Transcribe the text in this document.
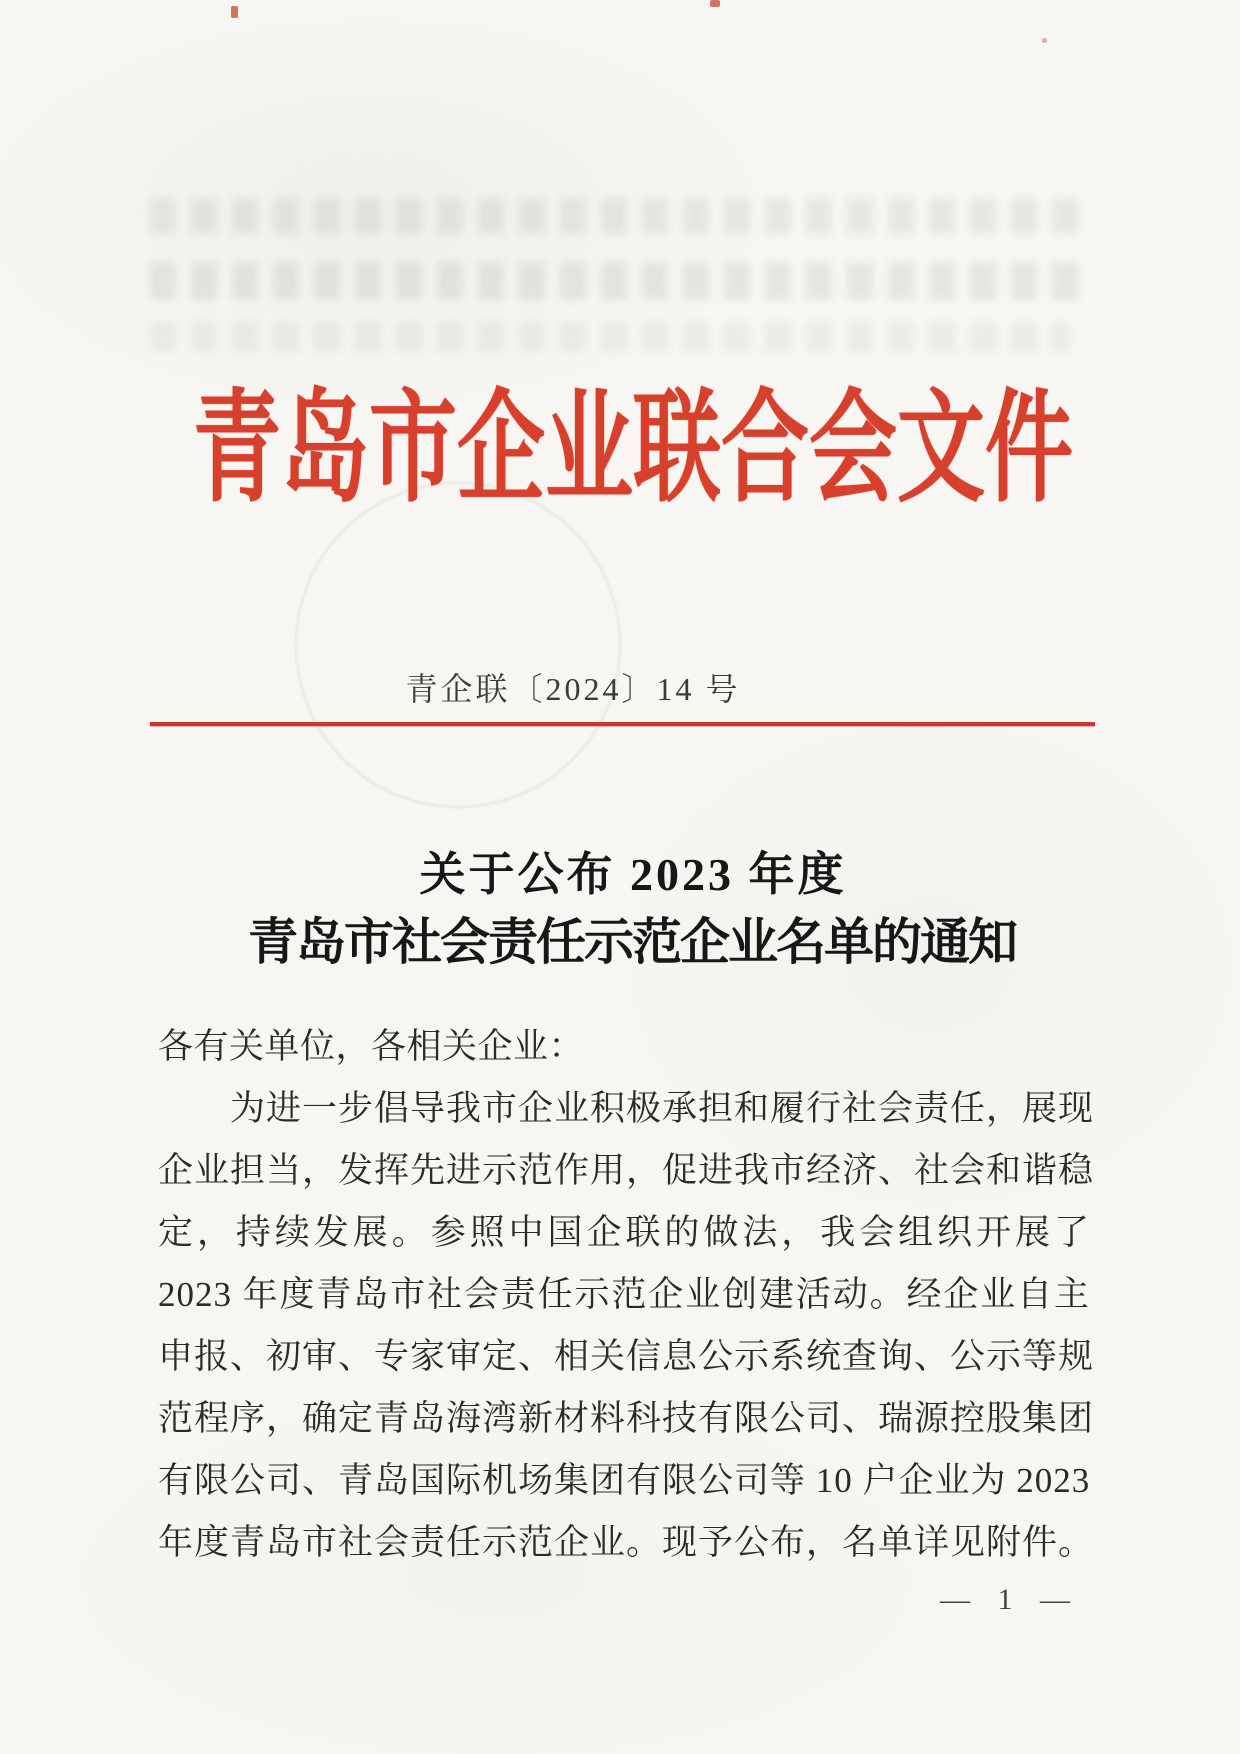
青岛市企业联合会文件
青企联〔2024〕14 号
关于公布 2023 年度
青岛市社会责任示范企业名单的通知
各有关单位，各相关企业：
为进一步倡导我市企业积极承担和履行社会责任，展现
企业担当，发挥先进示范作用，促进我市经济、社会和谐稳
定，持续发展。参照中国企联的做法，我会组织开展了
2023 年度青岛市社会责任示范企业创建活动。经企业自主
申报、初审、专家审定、相关信息公示系统查询、公示等规
范程序，确定青岛海湾新材料科技有限公司、瑞源控股集团
有限公司、青岛国际机场集团有限公司等 10 户企业为 2023
年度青岛市社会责任示范企业。现予公布，名单详见附件。
— 1 —
